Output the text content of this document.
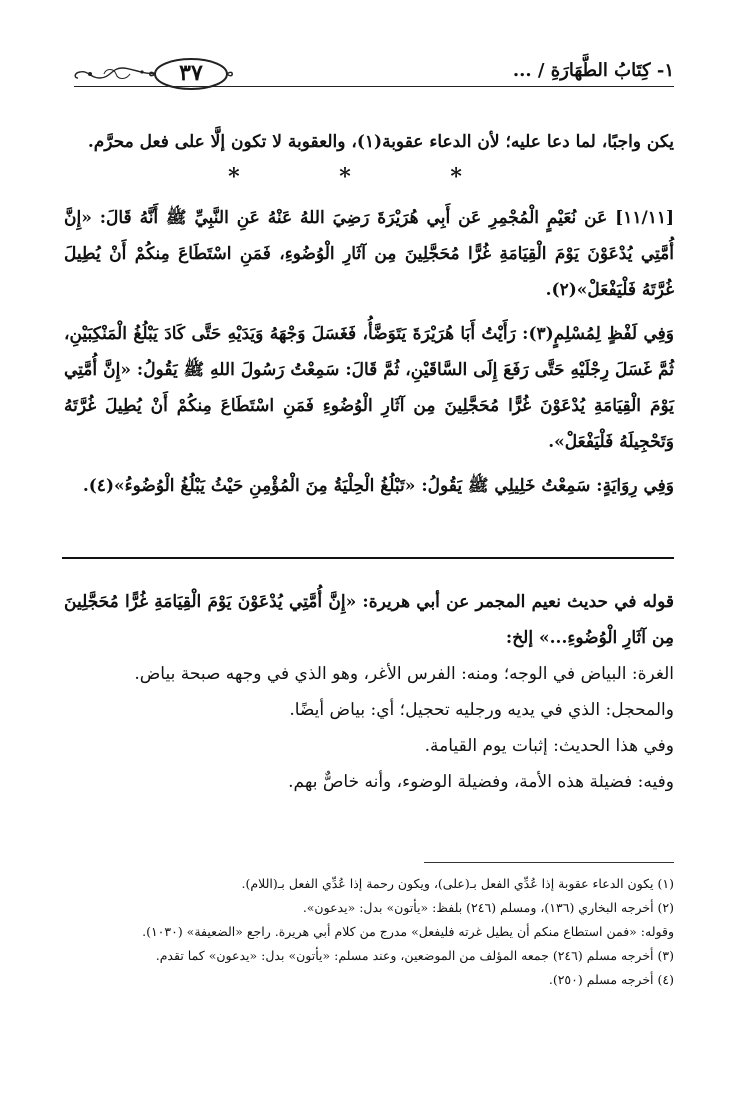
١- كِتَابُ الطَّهَارَةِ / ...
٣٧

يكن واجبًا، لما دعا عليه؛ لأن الدعاء عقوبة(١)، والعقوبة لا تكون إلَّا على فعل محرَّم.

* * *

[١١/١١] عَن نُعَيْمٍ الْمُجْمِرِ عَن أَبِي هُرَيْرَةَ رَضِيَ اللهُ عَنْهُ عَنِ النَّبِيِّ ﷺ أَنَّهُ قَالَ: «إِنَّ أُمَّتِي يُدْعَوْنَ يَوْمَ الْقِيَامَةِ غُرًّا مُحَجَّلِينَ مِن آثَارِ الْوُضُوءِ، فَمَنِ اسْتَطَاعَ مِنكُمْ أَنْ يُطِيلَ غُرَّتَهُ فَلْيَفْعَلْ»(٢).

وَفِي لَفْظٍ لِمُسْلِمٍ(٣): رَأَيْتُ أَبَا هُرَيْرَةَ يَتَوَضَّأُ، فَغَسَلَ وَجْهَهُ وَيَدَيْهِ حَتَّى كَادَ يَبْلُغُ الْمَنْكِبَيْنِ، ثُمَّ غَسَلَ رِجْلَيْهِ حَتَّى رَفَعَ إِلَى السَّاقَيْنِ، ثُمَّ قَالَ: سَمِعْتُ رَسُولَ اللهِ ﷺ يَقُولُ: «إِنَّ أُمَّتِي يَوْمَ الْقِيَامَةِ يُدْعَوْنَ غُرًّا مُحَجَّلِينَ مِن آثَارِ الْوُضُوءِ فَمَنِ اسْتَطَاعَ مِنكُمْ أَنْ يُطِيلَ غُرَّتَهُ وَتَحْجِيلَهُ فَلْيَفْعَلْ».

وَفِي رِوَايَةٍ: سَمِعْتُ خَلِيلِي ﷺ يَقُولُ: «تَبْلُغُ الْحِلْيَةُ مِنَ الْمُؤْمِنِ حَيْثُ يَبْلُغُ الْوُضُوءُ»(٤).

قوله في حديث نعيم المجمر عن أبي هريرة: «إِنَّ أُمَّتِي يُدْعَوْنَ يَوْمَ الْقِيَامَةِ غُرًّا مُحَجَّلِينَ مِن آثَارِ الْوُضُوءِ...» إلخ:

الغرة: البياض في الوجه؛ ومنه: الفرس الأغر، وهو الذي في وجهه صبحة بياض.

والمحجل: الذي في يديه ورجليه تحجيل؛ أي: بياض أيضًا.

وفي هذا الحديث: إثبات يوم القيامة.

وفيه: فضيلة هذه الأمة، وفضيلة الوضوء، وأنه خاصٌّ بهم.

(١) يكون الدعاء عقوبة إذا عُدِّي الفعل بـ(على)، ويكون رحمة إذا عُدِّي الفعل بـ(اللام).

(٢) أخرجه البخاري (١٣٦)، ومسلم (٢٤٦) بلفظ: «يأتون» بدل: «يدعون».

وقوله: «فمن استطاع منكم أن يطيل غرته فليفعل» مدرج من كلام أبي هريرة. راجع «الضعيفة» (١٠٣٠).

(٣) أخرجه مسلم (٢٤٦) جمعه المؤلف من الموضعين، وعند مسلم: «يأتون» بدل: «يدعون» كما تقدم.

(٤) أخرجه مسلم (٢٥٠).
